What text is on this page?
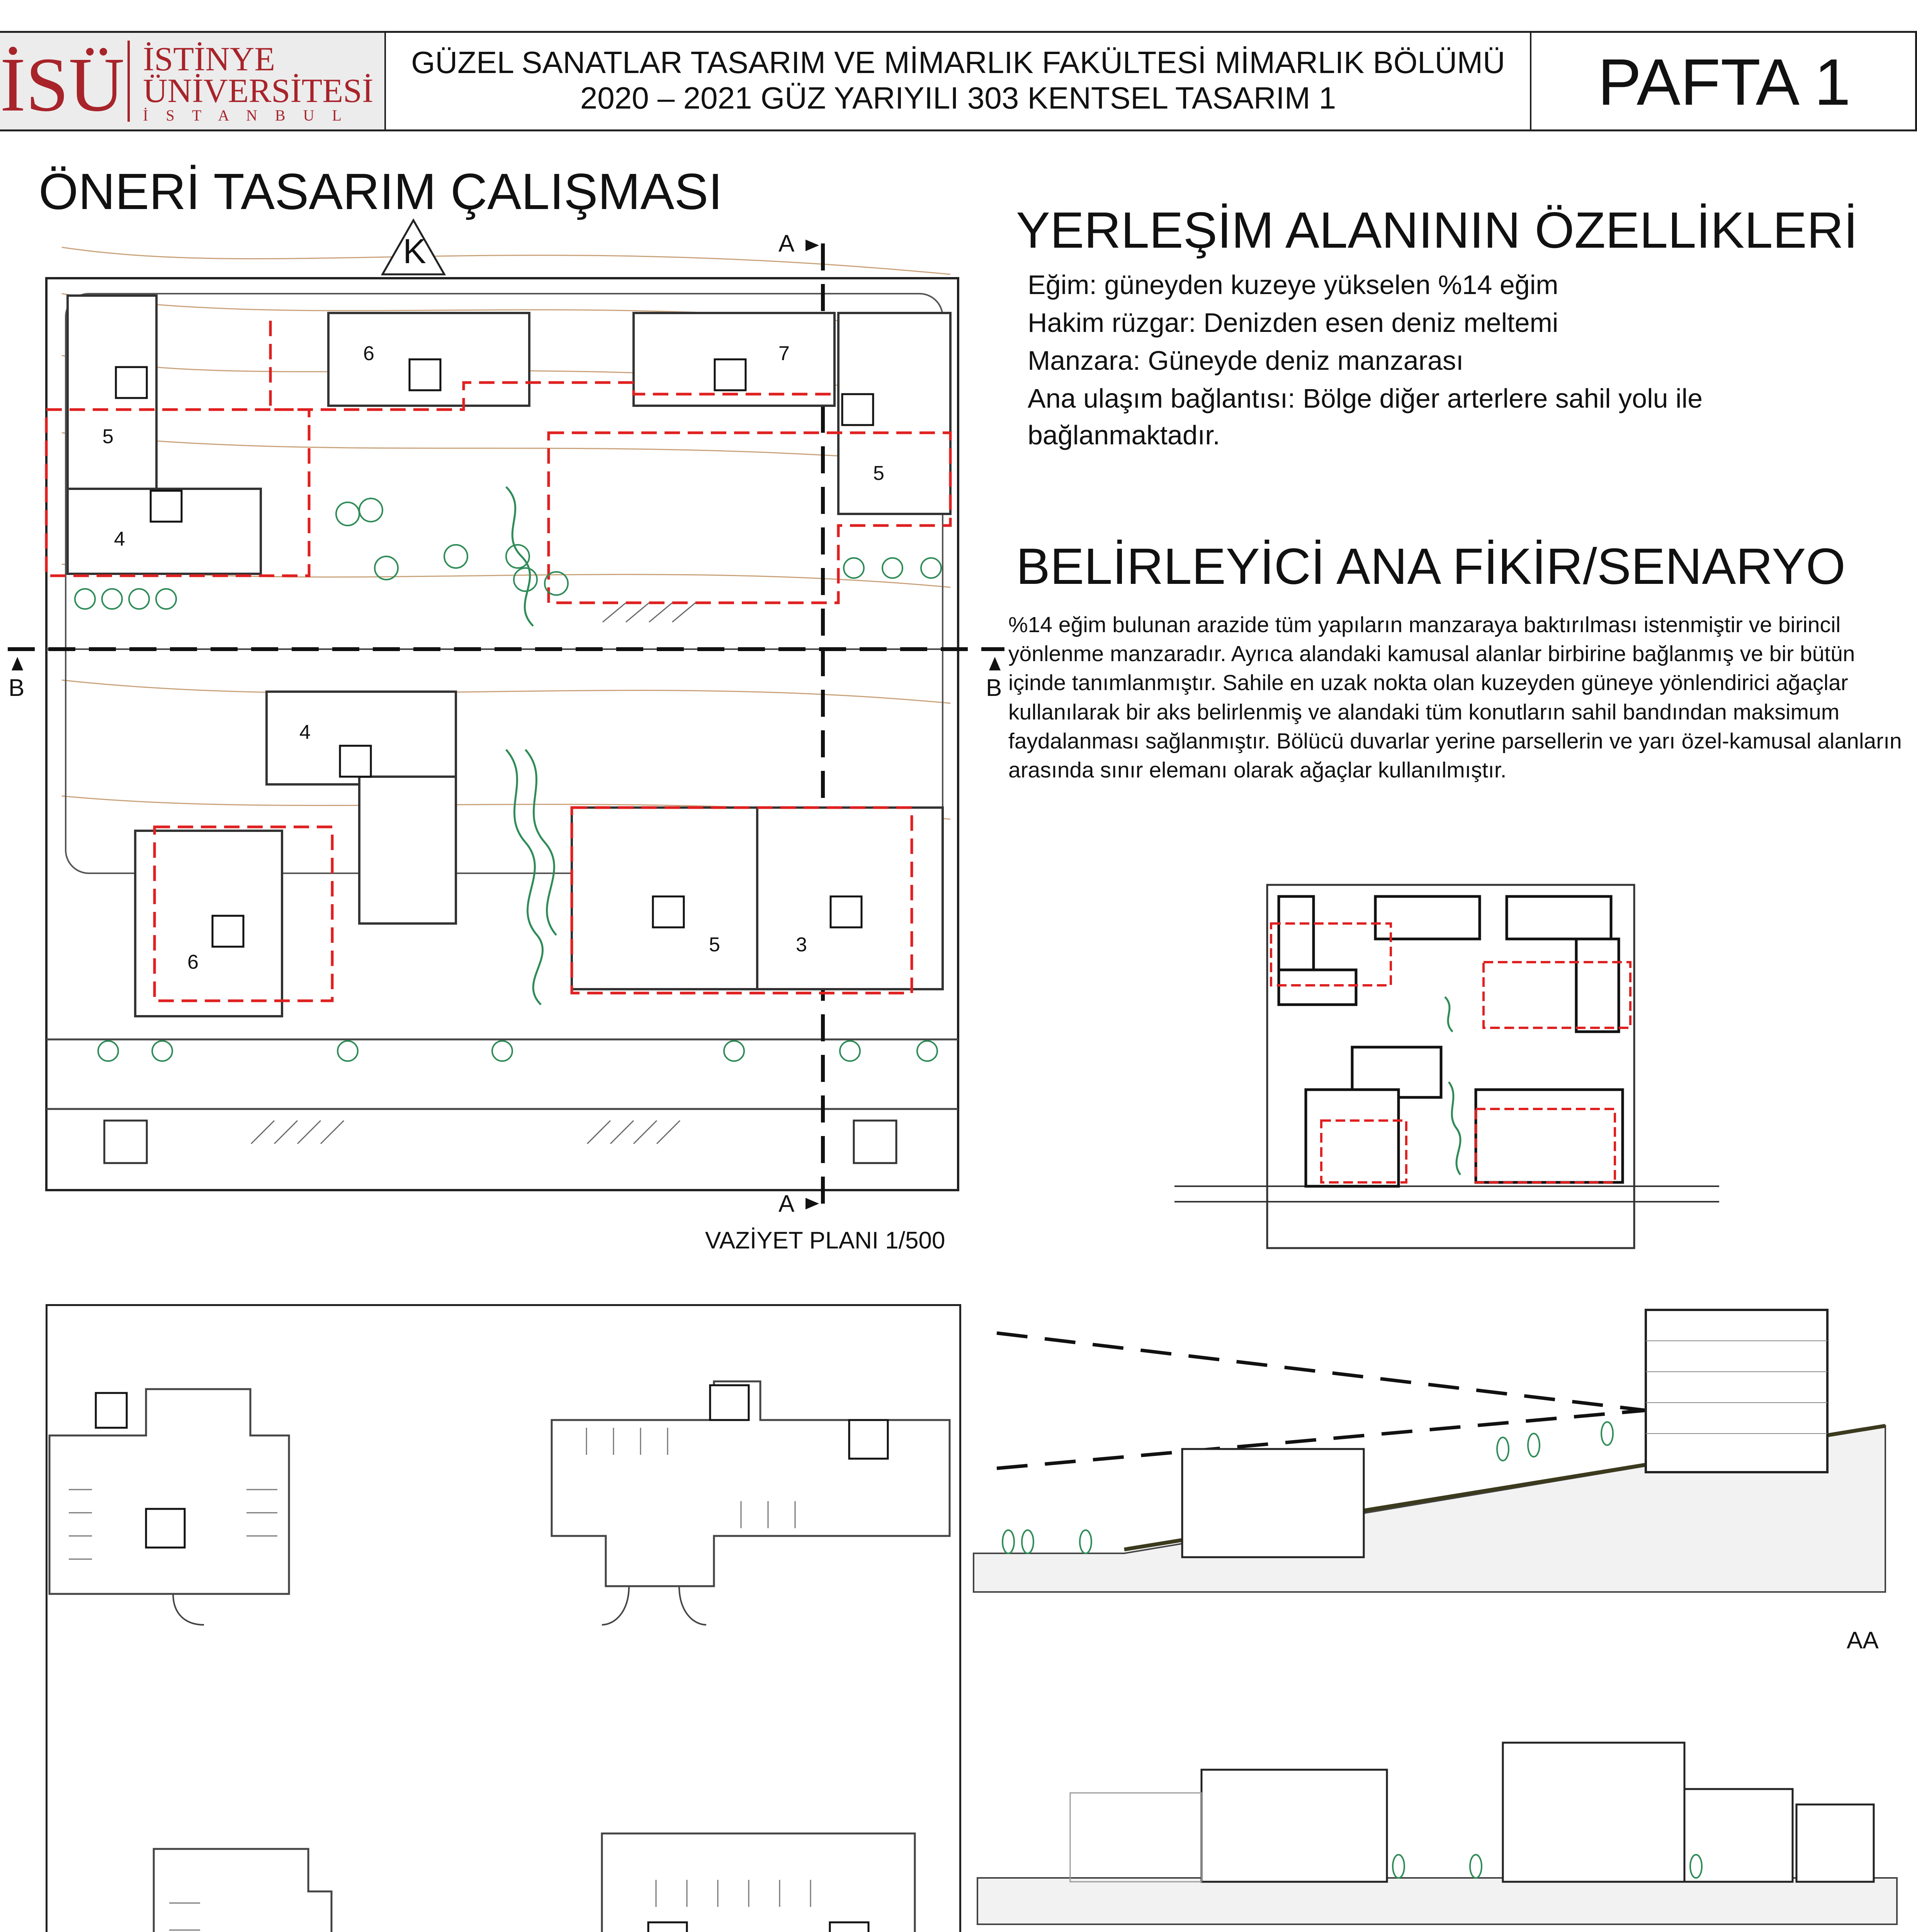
İSÜ İSTİNYE
ÜNİVERSİTESİ
İ S T A N B U L
GÜZEL SANATLAR TASARIM VE MİMARLIK FAKÜLTESİ MİMARLIK BÖLÜMÜ
2020 – 2021 GÜZ YARIYILI 303 KENTSEL TASARIM 1	PAFTA 1
ÖNERİ TASARIM ÇALIŞMASI
K	A
A
B	B
6	7
5
5
4
4
6
5	3
VAZİYET PLANI 1/500
YERLEŞİM ALANININ ÖZELLİKLERİ
Eğim: güneyden kuzeye yükselen %14 eğim
Hakim rüzgar: Denizden esen deniz meltemi
Manzara: Güneyde deniz manzarası
Ana ulaşım bağlantısı: Bölge diğer arterlere sahil yolu ile bağlanmaktadır.
BELİRLEYİCİ ANA FİKİR/SENARYO
%14 eğim bulunan arazide tüm yapıların manzaraya baktırılması istenmiştir ve birincil yönlenme manzaradır. Ayrıca alandaki kamusal alanlar birbirine bağlanmış ve bir bütün içinde tanımlanmıştır. Sahile en uzak nokta olan kuzeyden güneye yönlendirici ağaçlar kullanılarak bir aks belirlenmiş ve alandaki tüm konutların sahil bandından maksimum faydalanması sağlanmıştır. Bölücü duvarlar yerine parsellerin ve yarı özel-kamusal alanların arasında sınır elemanı olarak ağaçlar kullanılmıştır.
AA
